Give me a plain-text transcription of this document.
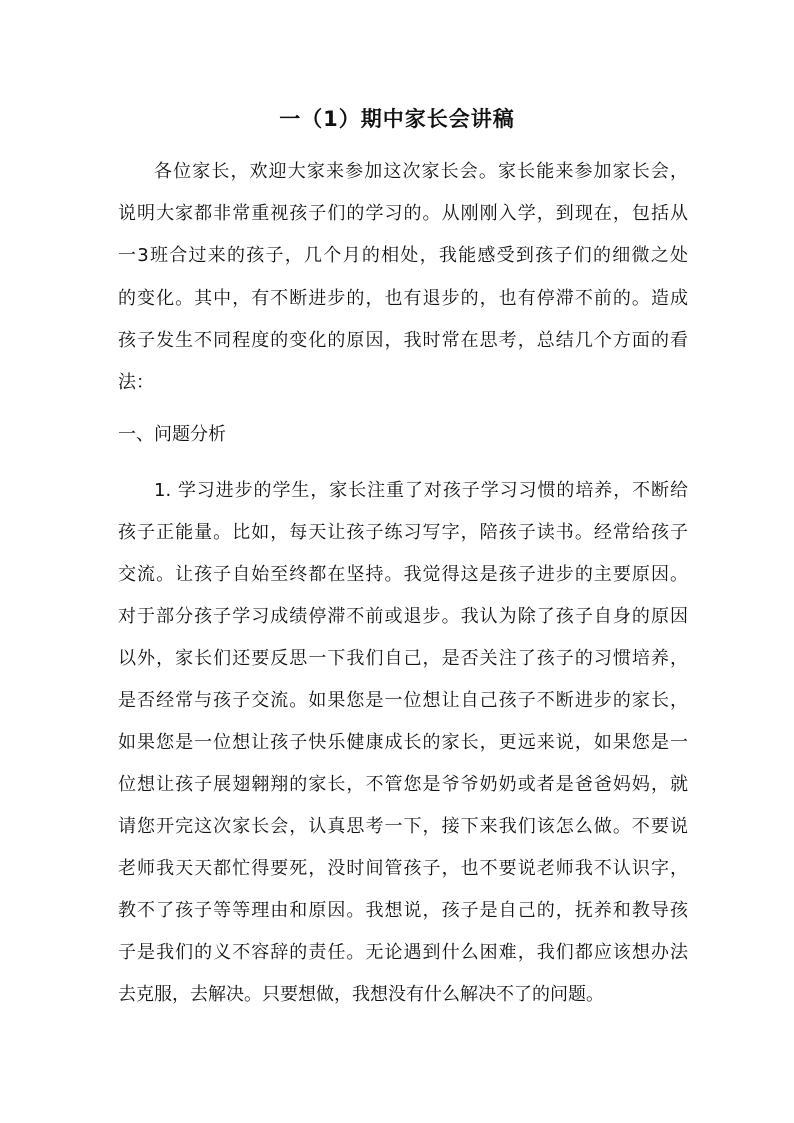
一（1）期中家长会讲稿
各位家长，欢迎大家来参加这次家长会。家长能来参加家长会，
说明大家都非常重视孩子们的学习的。从刚刚入学，到现在，包括从
一3班合过来的孩子，几个月的相处，我能感受到孩子们的细微之处
的变化。其中，有不断进步的，也有退步的，也有停滞不前的。造成
孩子发生不同程度的变化的原因，我时常在思考，总结几个方面的看
法：
一、问题分析
1. 学习进步的学生，家长注重了对孩子学习习惯的培养，不断给
孩子正能量。比如，每天让孩子练习写字，陪孩子读书。经常给孩子
交流。让孩子自始至终都在坚持。我觉得这是孩子进步的主要原因。
对于部分孩子学习成绩停滞不前或退步。我认为除了孩子自身的原因
以外，家长们还要反思一下我们自己，是否关注了孩子的习惯培养，
是否经常与孩子交流。如果您是一位想让自己孩子不断进步的家长，
如果您是一位想让孩子快乐健康成长的家长，更远来说，如果您是一
位想让孩子展翅翱翔的家长，不管您是爷爷奶奶或者是爸爸妈妈，就
请您开完这次家长会，认真思考一下，接下来我们该怎么做。不要说
老师我天天都忙得要死，没时间管孩子，也不要说老师我不认识字，
教不了孩子等等理由和原因。我想说，孩子是自己的，抚养和教导孩
子是我们的义不容辞的责任。无论遇到什么困难，我们都应该想办法
去克服，去解决。只要想做，我想没有什么解决不了的问题。
